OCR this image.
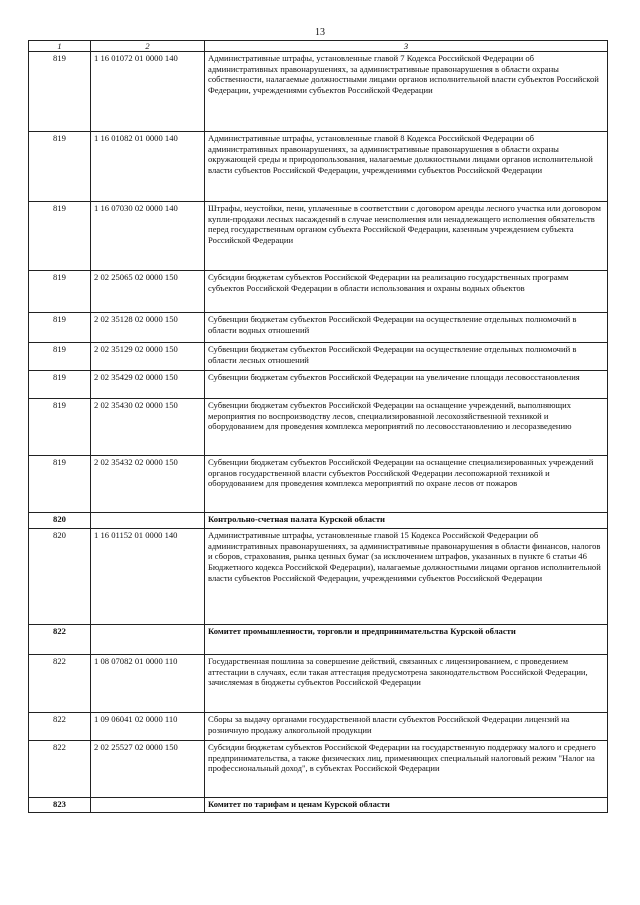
13
1	2	3
819	1 16 01072 01 0000 140	Административные штрафы, установленные главой 7 Кодекса Российской Федерации об административных правонарушениях, за административные правонарушения в области охраны собственности, налагаемые должностными лицами органов исполнительной власти субъектов Российской Федерации, учреждениями субъектов Российской Федерации
819	1 16 01082 01 0000 140	Административные штрафы, установленные главой 8 Кодекса Российской Федерации об административных правонарушениях, за административные правонарушения в области охраны окружающей среды и природопользования, налагаемые должностными лицами органов исполнительной власти субъектов Российской Федерации, учреждениями субъектов Российской Федерации
819	1 16 07030 02 0000 140	Штрафы, неустойки, пени, уплаченные в соответствии с договором аренды лесного участка или договором купли-продажи лесных насаждений в случае неисполнения или ненадлежащего исполнения обязательств перед государственным органом субъекта Российской Федерации, казенным учреждением субъекта Российской Федерации
819	2 02 25065 02 0000 150	Субсидии бюджетам субъектов Российской Федерации на реализацию государственных программ субъектов Российской Федерации в области использования и охраны водных объектов
819	2 02 35128 02 0000 150	Субвенции бюджетам субъектов Российской Федерации на осуществление отдельных полномочий в области водных отношений
819	2 02 35129 02 0000 150	Субвенции бюджетам субъектов Российской Федерации на осуществление отдельных полномочий в области лесных отношений
819	2 02 35429 02 0000 150	Субвенции бюджетам субъектов Российской Федерации на увеличение площади лесовосстановления
819	2 02 35430 02 0000 150	Субвенции бюджетам субъектов Российской Федерации на оснащение учреждений, выполняющих мероприятия по воспроизводству лесов, специализированной лесохозяйственной техникой и оборудованием для проведения комплекса мероприятий по лесовосстановлению и лесоразведению
819	2 02 35432 02 0000 150	Субвенции бюджетам субъектов Российской Федерации на оснащение специализированных учреждений органов государственной власти субъектов Российской Федерации лесопожарной техникой и оборудованием для проведения комплекса мероприятий по охране лесов от пожаров
820		Контрольно-счетная палата Курской области
820	1 16 01152 01 0000 140	Административные штрафы, установленные главой 15 Кодекса Российской Федерации об административных правонарушениях, за административные правонарушения в области финансов, налогов и сборов, страхования, рынка ценных бумаг (за исключением штрафов, указанных в пункте 6 статьи 46 Бюджетного кодекса Российской Федерации), налагаемые должностными лицами органов исполнительной власти субъектов Российской Федерации, учреждениями субъектов Российской Федерации
822		Комитет промышленности, торговли и предпринимательства Курской области
822	1 08 07082 01 0000 110	Государственная пошлина за совершение действий, связанных с лицензированием, с проведением аттестации в случаях, если такая аттестация предусмотрена законодательством Российской Федерации, зачисляемая в бюджеты субъектов Российской Федерации
822	1 09 06041 02 0000 110	Сборы за выдачу органами государственной власти субъектов Российской Федерации лицензий на розничную продажу алкогольной продукции
822	2 02 25527 02 0000 150	Субсидии бюджетам субъектов Российской Федерации на государственную поддержку малого и среднего предпринимательства, а также физических лиц, применяющих специальный налоговый режим "Налог на профессиональный доход", в субъектах Российской Федерации
823		Комитет по тарифам и ценам Курской области
